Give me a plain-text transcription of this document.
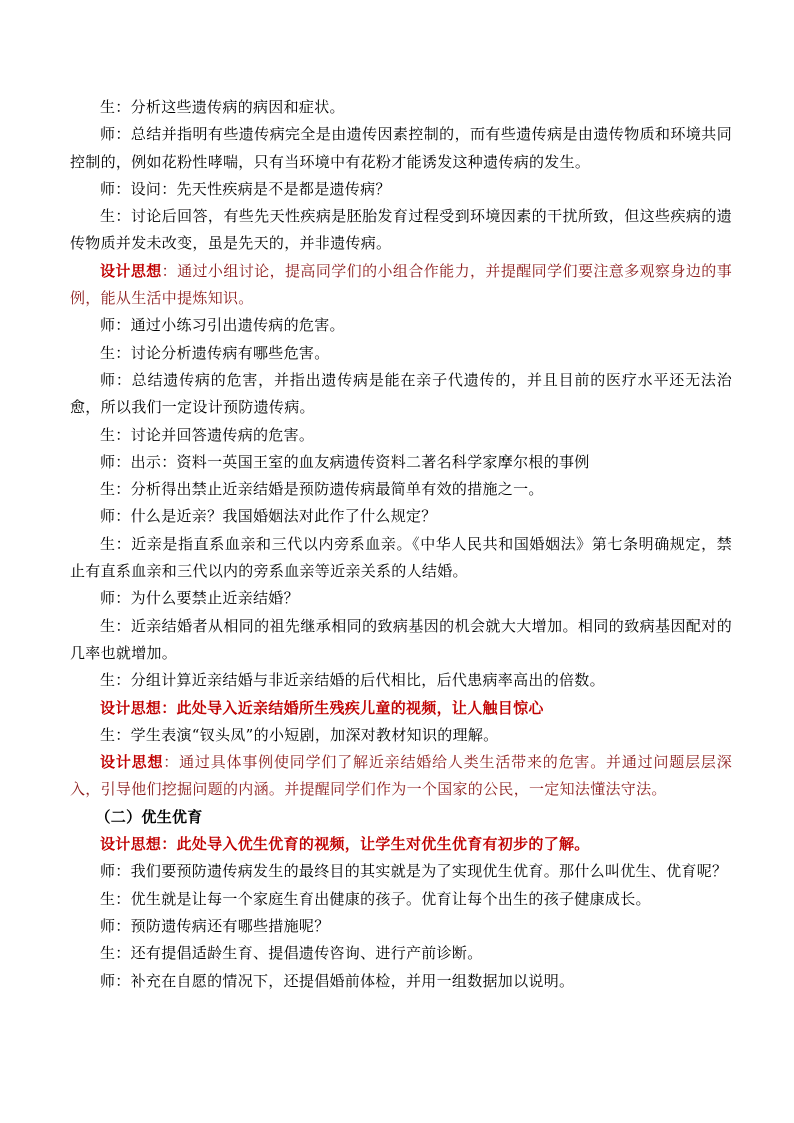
生：分析这些遗传病的病因和症状。

师：总结并指明有些遗传病完全是由遗传因素控制的，而有些遗传病是由遗传物质和环境共同控制的，例如花粉性哮喘，只有当环境中有花粉才能诱发这种遗传病的发生。

师：设问：先天性疾病是不是都是遗传病？

生：讨论后回答，有些先天性疾病是胚胎发育过程受到环境因素的干扰所致，但这些疾病的遗传物质并发未改变，虽是先天的，并非遗传病。

设计思想：通过小组讨论，提高同学们的小组合作能力，并提醒同学们要注意多观察身边的事例，能从生活中提炼知识。

师：通过小练习引出遗传病的危害。

生：讨论分析遗传病有哪些危害。

师：总结遗传病的危害，并指出遗传病是能在亲子代遗传的，并且目前的医疗水平还无法治愈，所以我们一定设计预防遗传病。

生：讨论并回答遗传病的危害。

师：出示：资料一英国王室的血友病遗传资料二著名科学家摩尔根的事例

生：分析得出禁止近亲结婚是预防遗传病最简单有效的措施之一。

师：什么是近亲？我国婚姻法对此作了什么规定？

生：近亲是指直系血亲和三代以内旁系血亲。《中华人民共和国婚姻法》第七条明确规定，禁止有直系血亲和三代以内的旁系血亲等近亲关系的人结婚。

师：为什么要禁止近亲结婚？

生：近亲结婚者从相同的祖先继承相同的致病基因的机会就大大增加。相同的致病基因配对的几率也就增加。

生：分组计算近亲结婚与非近亲结婚的后代相比，后代患病率高出的倍数。

设计思想：此处导入近亲结婚所生残疾儿童的视频，让人触目惊心

生：学生表演“钗头凤”的小短剧，加深对教材知识的理解。

设计思想：通过具体事例使同学们了解近亲结婚给人类生活带来的危害。并通过问题层层深入，引导他们挖掘问题的内涵。并提醒同学们作为一个国家的公民，一定知法懂法守法。

（二）优生优育

设计思想：此处导入优生优育的视频，让学生对优生优育有初步的了解。

师：我们要预防遗传病发生的最终目的其实就是为了实现优生优育。那什么叫优生、优育呢？

生：优生就是让每一个家庭生育出健康的孩子。优育让每个出生的孩子健康成长。

师：预防遗传病还有哪些措施呢？

生：还有提倡适龄生育、提倡遗传咨询、进行产前诊断。

师：补充在自愿的情况下，还提倡婚前体检，并用一组数据加以说明。
